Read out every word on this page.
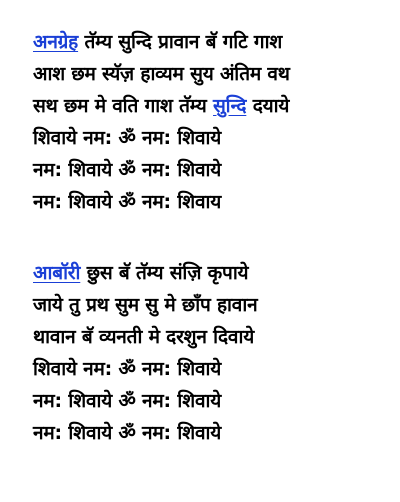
अनग्रेह तॅम्य सुन्दि प्रावान बॅ गटि गाश
आश छम स्यॅज़ हाव्यम सुय अंतिम वथ
सथ छम मे वति गाश तॅम्य सुन्दि दयाये
शिवाये नम: ॐ नम: शिवाये
नम: शिवाये ॐ नम: शिवाये
नम: शिवाये ॐ नम: शिवाय
आबॉरी छुस बॅ तॅम्य संज़ि कृपाये
जाये तु प्रथ सुम सु मे छाँप हावान
थावान बॅ व्यनती मे दरशुन दिवाये
शिवाये नम: ॐ नम: शिवाये
नम: शिवाये ॐ नम: शिवाये
नम: शिवाये ॐ नम: शिवाये
